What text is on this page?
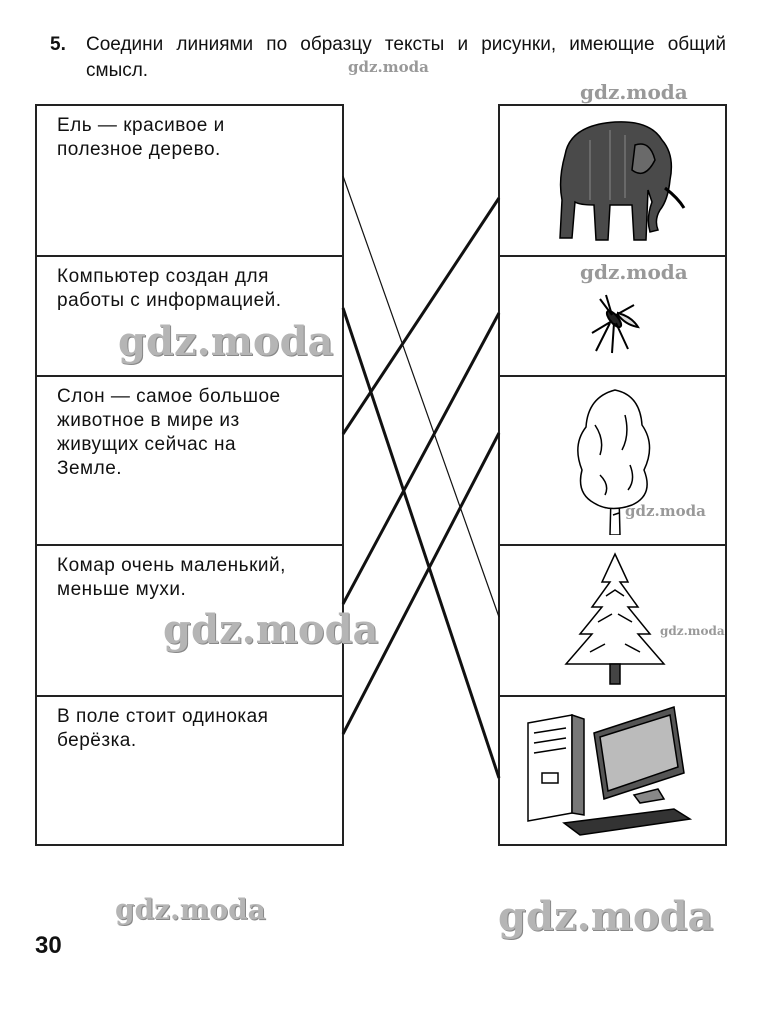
5. Соедини линиями по образцу тексты и рисунки, имеющие общий смысл.
Ель — красивое и
полезное дерево.
Компьютер создан для
работы с информацией.
Слон — самое большое
животное в мире из
живущих сейчас на
Земле.
Комар очень маленький,
меньше мухи.
В поле стоит одинокая
берёзка.
gdz.moda
gdz.moda
gdz.moda
gdz.moda
gdz.moda
gdz.moda	gdz.moda
gdz.moda	gdz.moda
30
